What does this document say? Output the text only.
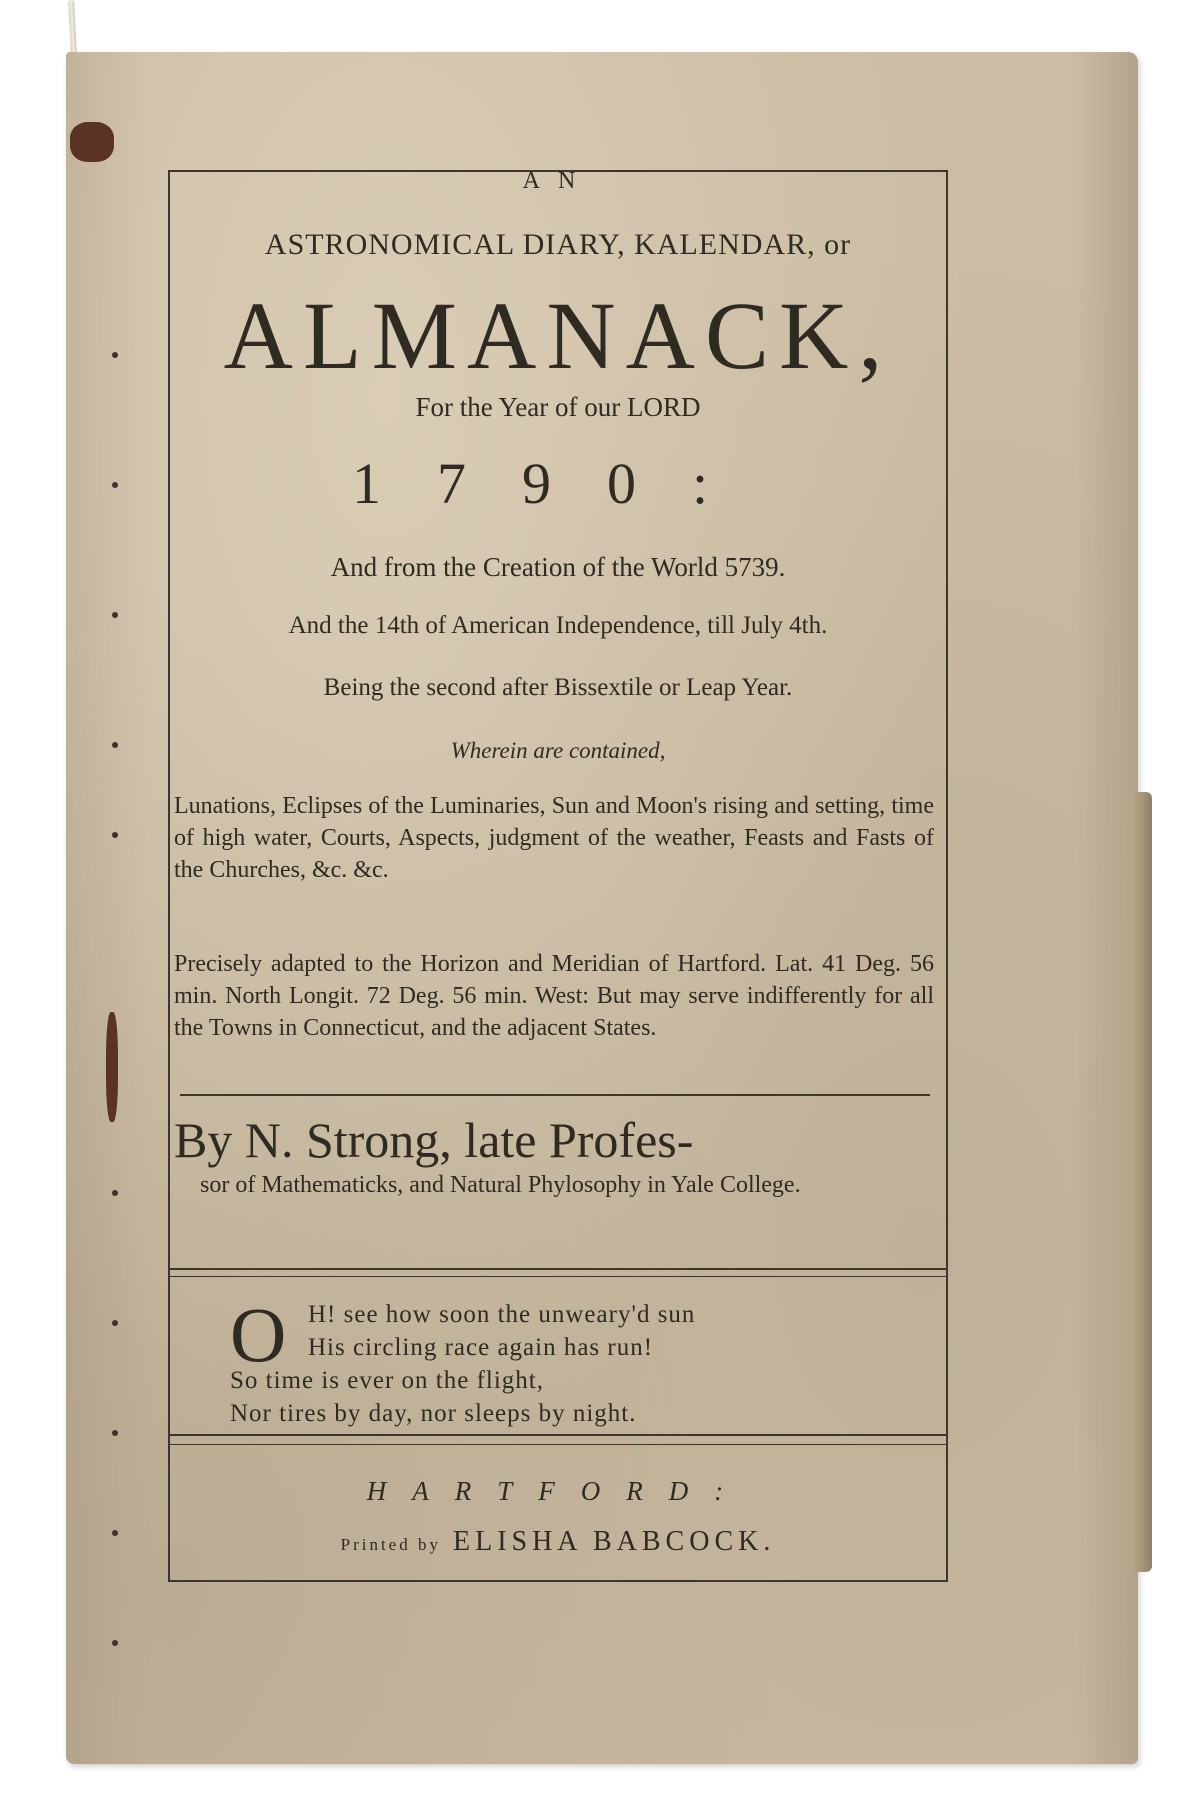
AN
ASTRONOMICAL DIARY, KALENDAR, or
ALMANACK,
For the Year of our LORD
1790:
And from the Creation of the World 5739.
And the 14th of American Independence, till July 4th.
Being the second after Bissextile or Leap Year.
Wherein are contained,
Lunations, Eclipses of the Luminaries, Sun and Moon's rising and setting, time of high water, Courts, Aspects, judgment of the weather, Feasts and Fasts of the Churches, &c. &c.
Precisely adapted to the Horizon and Meridian of Hartford. Lat. 41 Deg. 56 min. North Longit. 72 Deg. 56 min. West: But may serve indifferently for all the Towns in Connecticut, and the adjacent States.
By N. Strong, late Profes-
sor of Mathematicks, and Natural Phylosophy in Yale College.
O H! see how soon the unweary'd sun
His circling race again has run!
So time is ever on the flight,
Nor tires by day, nor sleeps by night.
HARTFORD:
Printed by ELISHA BABCOCK.
